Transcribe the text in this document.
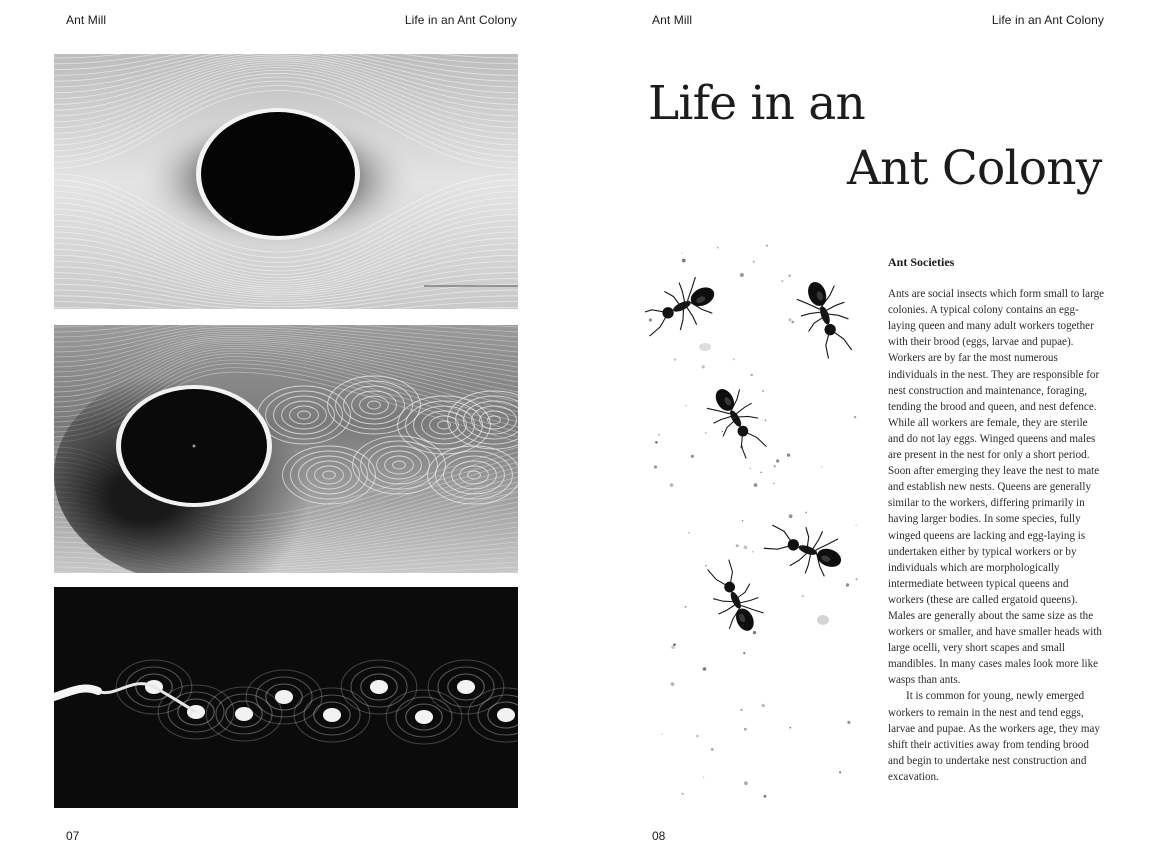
Ant Mill	Life in an Ant Colony
07
Ant Mill	Life in an Ant Colony
Life in an
Ant Colony
Ant Societies

Ants are social insects which form small to large colonies. A typical colony contains an egg-laying queen and many adult workers together with their brood (eggs, larvae and pupae). Workers are by far the most numerous individuals in the nest. They are responsible for nest construction and maintenance, foraging, tending the brood and queen, and nest defence. While all workers are female, they are sterile and do not lay eggs. Winged queens and males are present in the nest for only a short period. Soon after emerging they leave the nest to mate and establish new nests. Queens are generally similar to the workers, differing primarily in having larger bodies. In some species, fully winged queens are lacking and egg-laying is undertaken either by typical workers or by individuals which are morphologically intermediate between typical queens and workers (these are called ergatoid queens). Males are generally about the same size as the workers or smaller, and have smaller heads with large ocelli, very short scapes and small mandibles. In many cases males look more like wasps than ants.

It is common for young, newly emerged workers to remain in the nest and tend eggs, larvae and pupae. As the workers age, they may shift their activities away from tending brood and begin to undertake nest construction and excavation.

08
